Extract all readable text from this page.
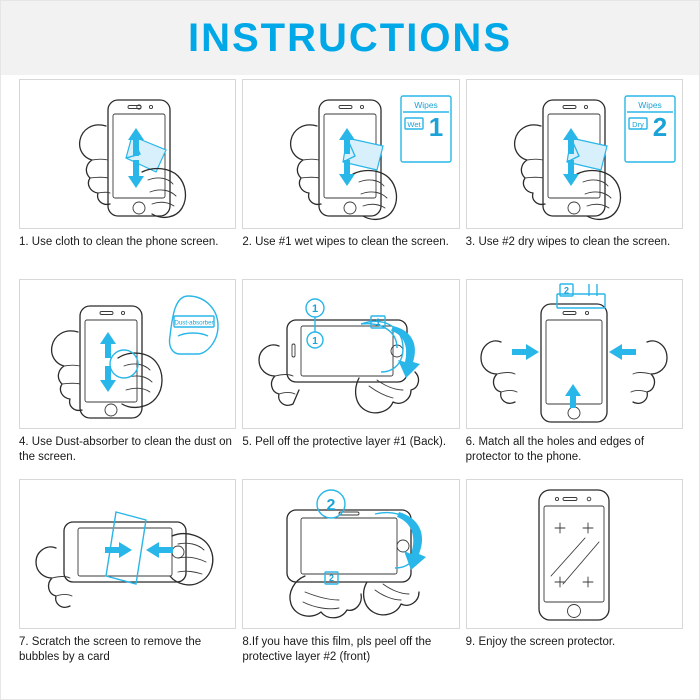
INSTRUCTIONS
1. Use cloth to clean the phone screen.
Wipes
Wet 1
2. Use #1 wet wipes to clean the screen.
Wipes
Dry 2
3. Use #2 dry wipes to clean the screen.
Dust-absorber
4. Use Dust-absorber to clean the dust on the screen.
1
1
1
5. Pell off the protective layer #1 (Back).
2
6. Match all the holes and edges of protector to the phone.
7. Scratch the screen to remove the bubbles by a card
2
2
8.If you have this film, pls peel off the protective layer #2 (front)
9. Enjoy the screen protector.
